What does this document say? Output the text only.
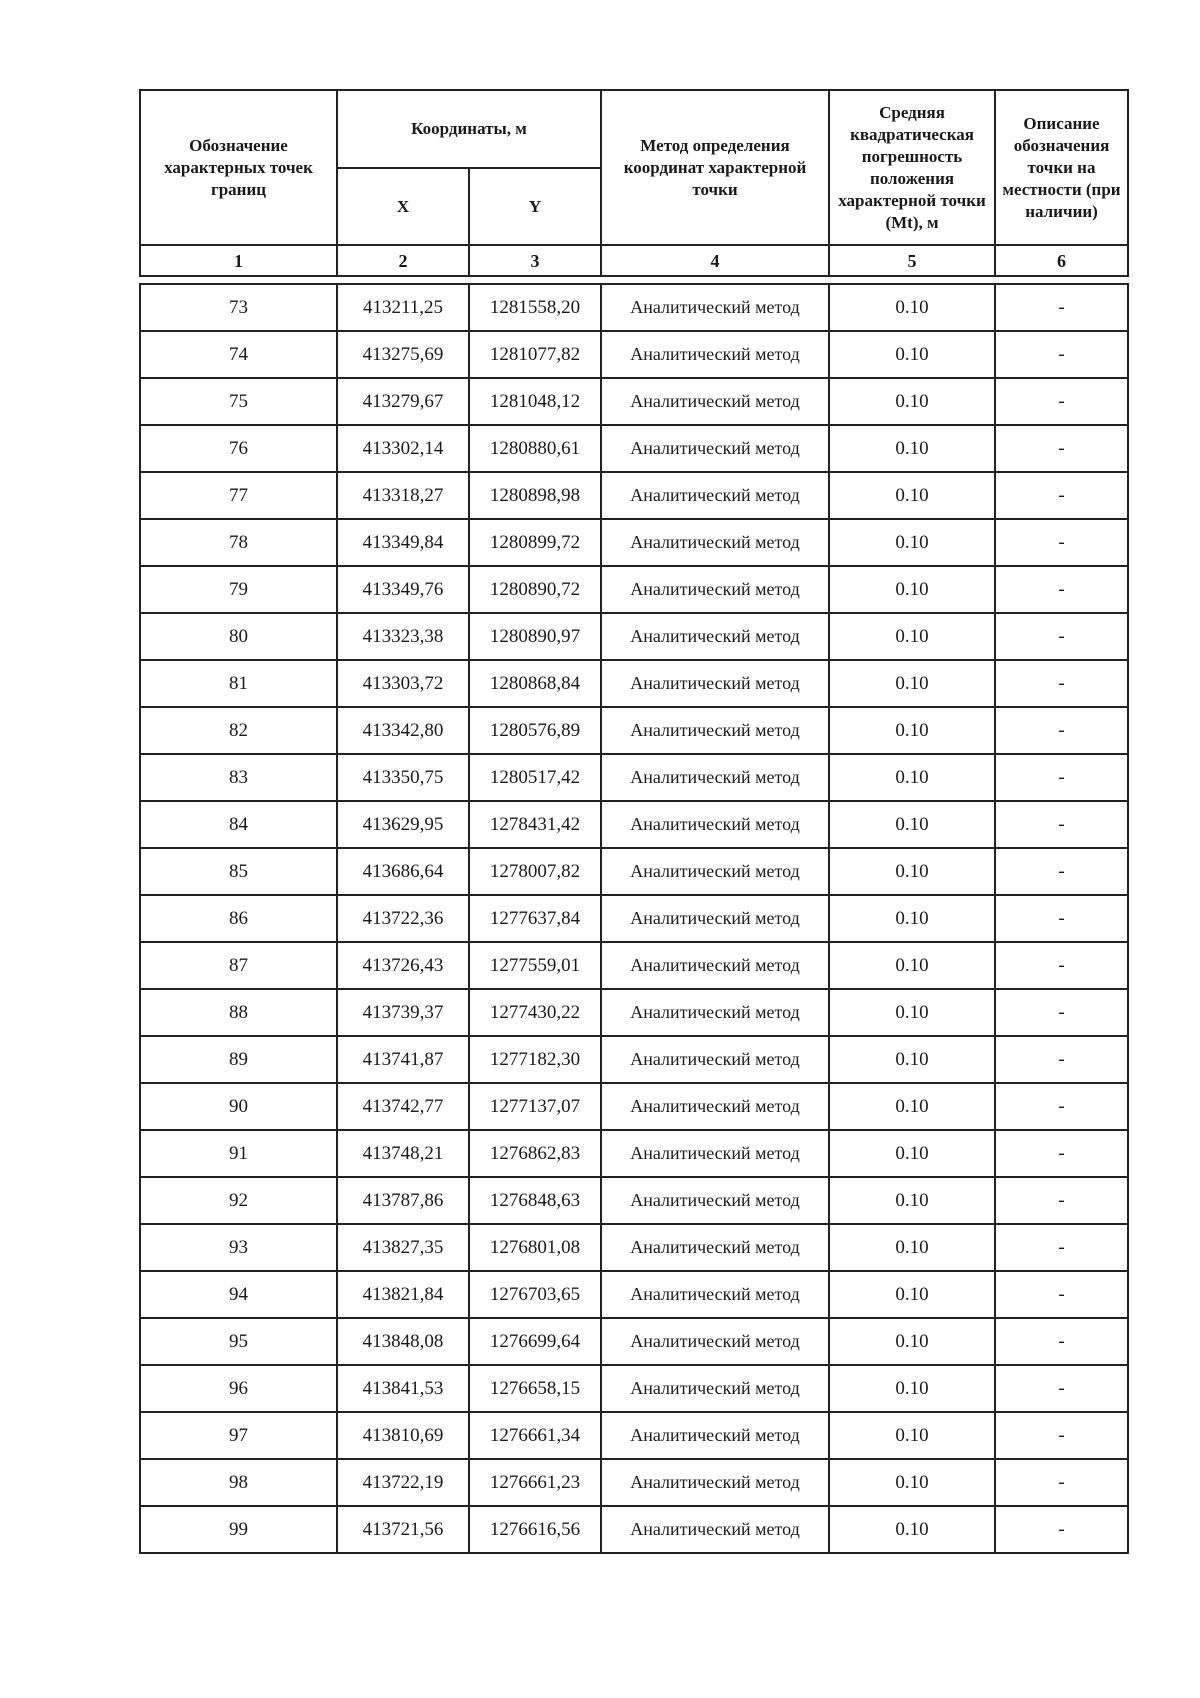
Обозначение характерных точек границ	Координаты, м		Метод определения координат характерной точки	Средняя квадратическая погрешность положения характерной точки (Mt), м	Описание обозначения точки на местности (при наличии)
	X	Y			
1	2	3	4	5	6
73	413211,25	1281558,20	Аналитический метод	0.10	-
74	413275,69	1281077,82	Аналитический метод	0.10	-
75	413279,67	1281048,12	Аналитический метод	0.10	-
76	413302,14	1280880,61	Аналитический метод	0.10	-
77	413318,27	1280898,98	Аналитический метод	0.10	-
78	413349,84	1280899,72	Аналитический метод	0.10	-
79	413349,76	1280890,72	Аналитический метод	0.10	-
80	413323,38	1280890,97	Аналитический метод	0.10	-
81	413303,72	1280868,84	Аналитический метод	0.10	-
82	413342,80	1280576,89	Аналитический метод	0.10	-
83	413350,75	1280517,42	Аналитический метод	0.10	-
84	413629,95	1278431,42	Аналитический метод	0.10	-
85	413686,64	1278007,82	Аналитический метод	0.10	-
86	413722,36	1277637,84	Аналитический метод	0.10	-
87	413726,43	1277559,01	Аналитический метод	0.10	-
88	413739,37	1277430,22	Аналитический метод	0.10	-
89	413741,87	1277182,30	Аналитический метод	0.10	-
90	413742,77	1277137,07	Аналитический метод	0.10	-
91	413748,21	1276862,83	Аналитический метод	0.10	-
92	413787,86	1276848,63	Аналитический метод	0.10	-
93	413827,35	1276801,08	Аналитический метод	0.10	-
94	413821,84	1276703,65	Аналитический метод	0.10	-
95	413848,08	1276699,64	Аналитический метод	0.10	-
96	413841,53	1276658,15	Аналитический метод	0.10	-
97	413810,69	1276661,34	Аналитический метод	0.10	-
98	413722,19	1276661,23	Аналитический метод	0.10	-
99	413721,56	1276616,56	Аналитический метод	0.10	-
